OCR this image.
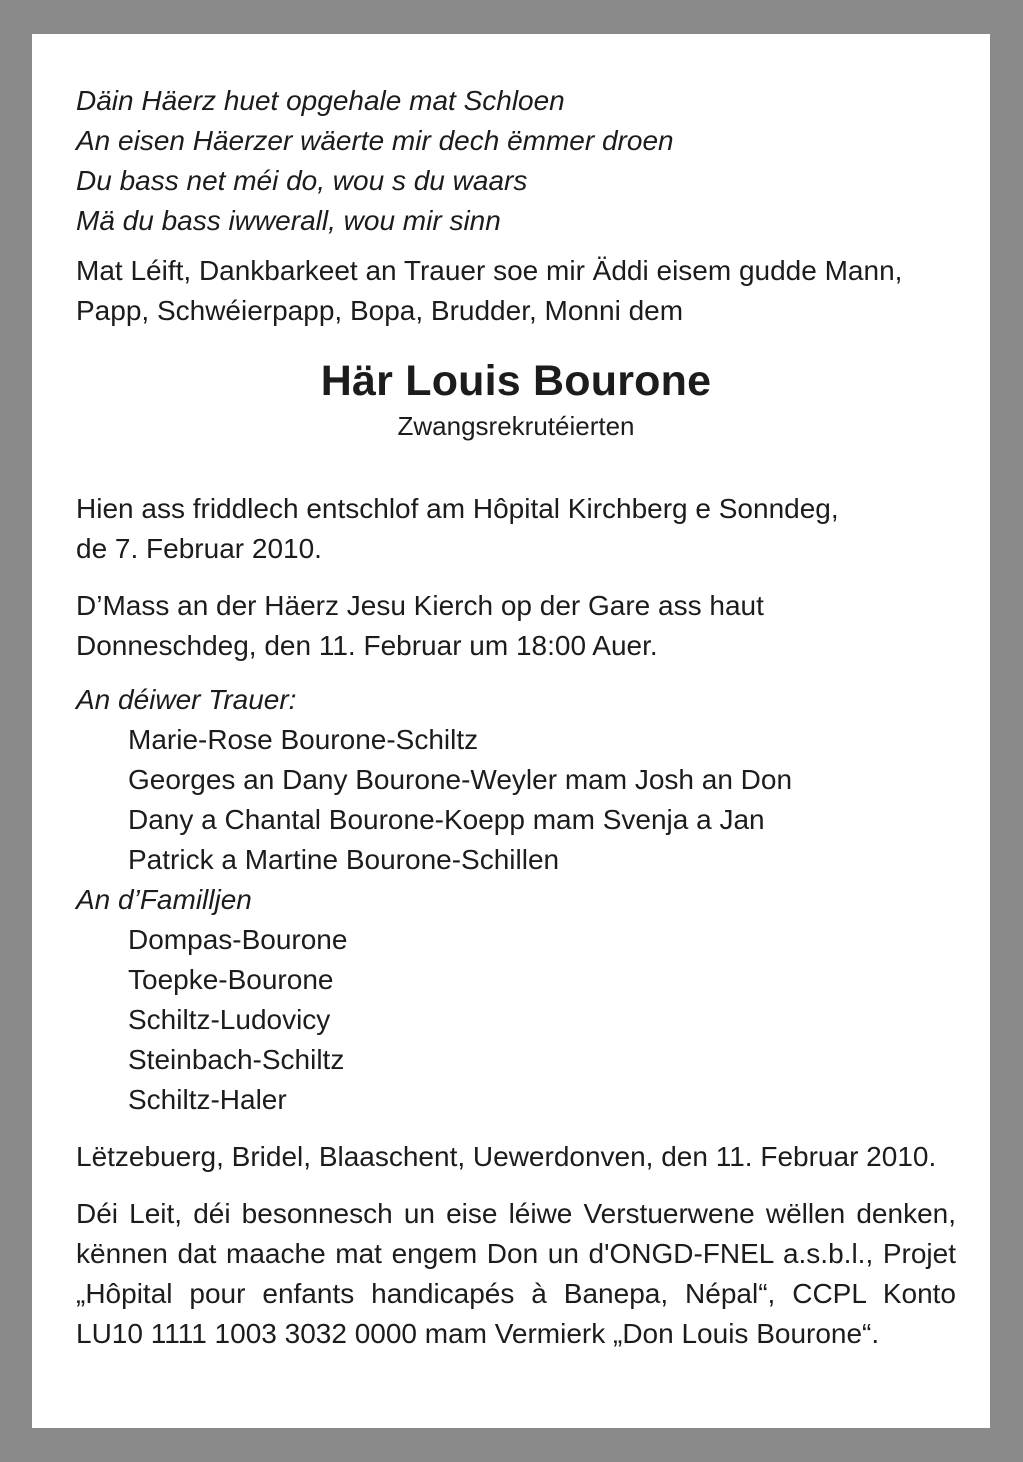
Däin Häerz huet opgehale mat Schloen
An eisen Häerzer wäerte mir dech ëmmer droen
Du bass net méi do, wou s du waars
Mä du bass iwwerall, wou mir sinn
Mat Léift, Dankbarkeet an Trauer soe mir Äddi eisem gudde Mann,
Papp, Schwéierpapp, Bopa, Brudder, Monni dem
Här Louis Bourone
Zwangsrekrutéierten
Hien ass friddlech entschlof am Hôpital Kirchberg e Sonndeg,
de 7. Februar 2010.
D’Mass an der Häerz Jesu Kierch op der Gare ass haut
Donneschdeg, den 11. Februar um 18:00 Auer.
An déiwer Trauer:
Marie-Rose Bourone-Schiltz
Georges an Dany Bourone-Weyler mam Josh an Don
Dany a Chantal Bourone-Koepp mam Svenja a Jan
Patrick a Martine Bourone-Schillen
An d’Familljen
Dompas-Bourone
Toepke-Bourone
Schiltz-Ludovicy
Steinbach-Schiltz
Schiltz-Haler
Lëtzebuerg, Bridel, Blaaschent, Uewerdonven, den 11. Februar 2010.
Déi Leit, déi besonnesch un eise léiwe Verstuerwene wëllen denken,
kënnen dat maache mat engem Don un d'ONGD-FNEL a.s.b.l., Projet
„Hôpital pour enfants handicapés à Banepa, Népal“, CCPL Konto
LU10 1111 1003 3032 0000 mam Vermierk „Don Louis Bourone“.
